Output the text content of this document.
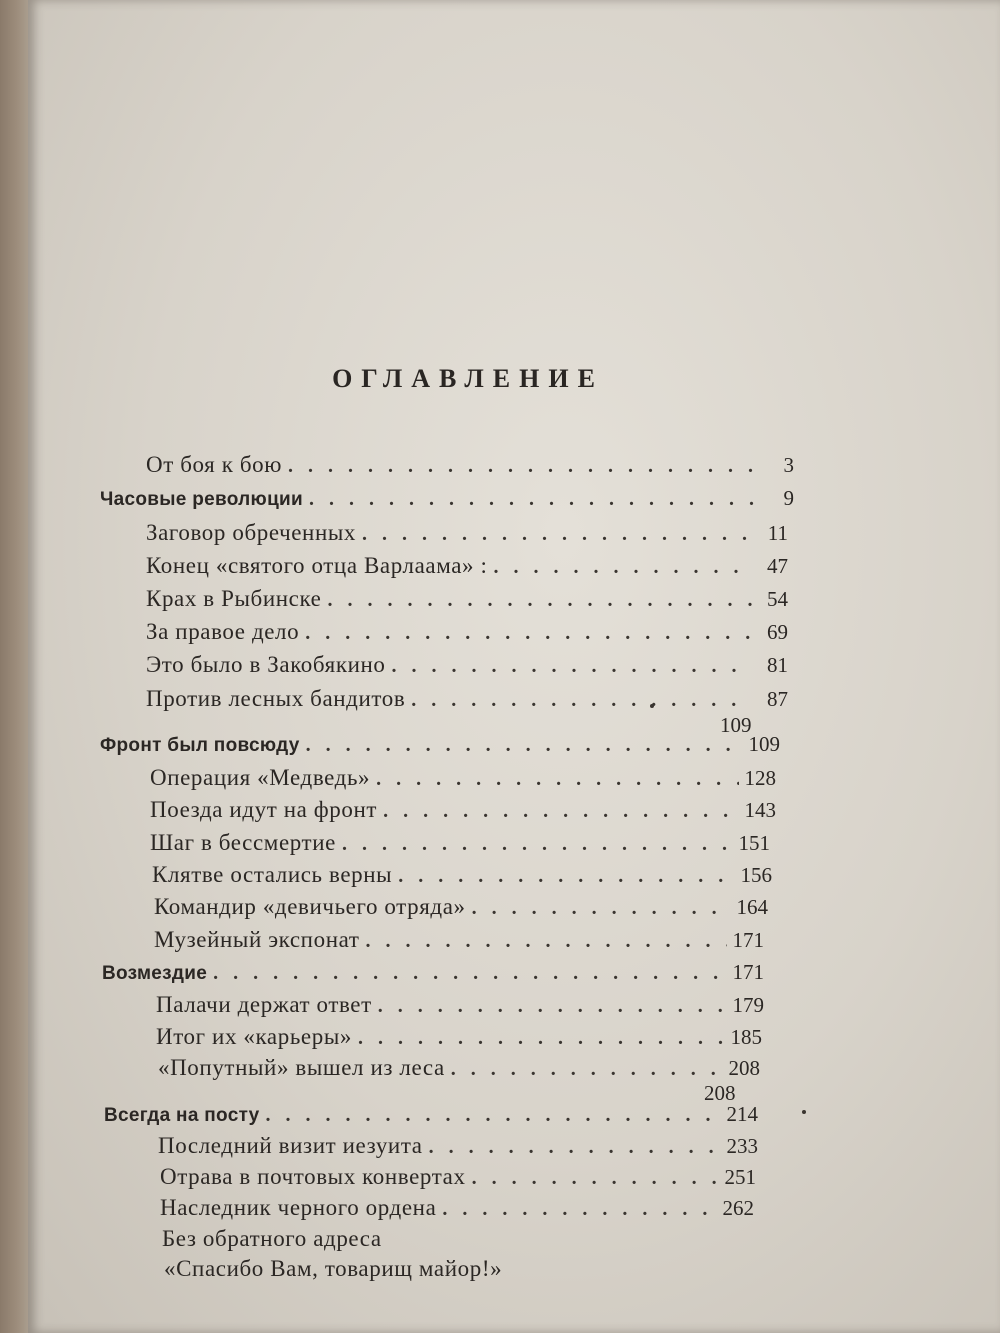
ОГЛАВЛЕНИЕ
От боя к бою . . .	3
Часовые революции . . .	9
Заговор обреченных . . .	11
Конец «святого отца Варлаама» : . . .	47
Крах в Рыбинске . . .	54
За правое дело . . .	69
Это было в Закобякино . . .	81
Против лесных бандитов . . .	87
109
Фронт был повсюду . . .	109
Операция «Медведь» . . .	128
Поезда идут на фронт . . .	143
Шаг в бессмертие . . .	151
Клятве остались верны . . .	156
Командир «девичьего отряда» . . .	164
Музейный экспонат . . .	171
Возмездие . . .	171
Палачи держат ответ . . .	179
Итог их «карьеры» . . .	185
«Попутный» вышел из леса . . .	208
208
Всегда на посту . . .	214
Последний визит иезуита . . .	233
Отрава в почтовых конвертах . . .	251
Наследник черного ордена . . .	262
Без обратного адреса
«Спасибо Вам, товарищ майор!»
